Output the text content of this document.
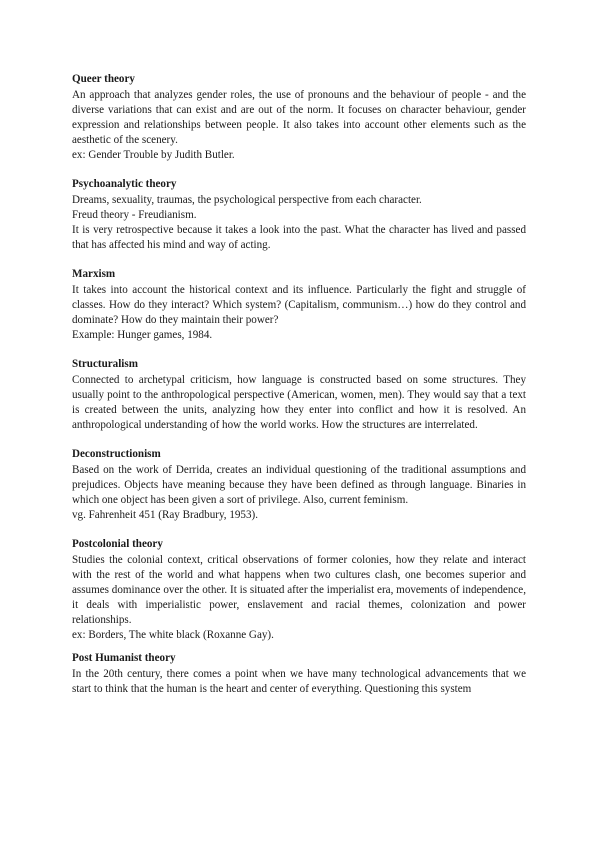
Queer theory

An approach that analyzes gender roles, the use of pronouns and the behaviour of people - and the diverse variations that can exist and are out of the norm. It focuses on character behaviour, gender expression and relationships between people. It also takes into account other elements such as the aesthetic of the scenery.

ex: Gender Trouble by Judith Butler.

Psychoanalytic theory

Dreams, sexuality, traumas, the psychological perspective from each character.

Freud theory - Freudianism.

It is very retrospective because it takes a look into the past. What the character has lived and passed that has affected his mind and way of acting.

Marxism

It takes into account the historical context and its influence. Particularly the fight and struggle of classes. How do they interact? Which system? (Capitalism, communism…) how do they control and dominate? How do they maintain their power?

Example: Hunger games, 1984.

Structuralism

Connected to archetypal criticism, how language is constructed based on some structures. They usually point to the anthropological perspective (American, women, men). They would say that a text is created between the units, analyzing how they enter into conflict and how it is resolved. An anthropological understanding of how the world works. How the structures are interrelated.

Deconstructionism

Based on the work of Derrida, creates an individual questioning of the traditional assumptions and prejudices. Objects have meaning because they have been defined as through language. Binaries in which one object has been given a sort of privilege. Also, current feminism.

vg. Fahrenheit 451 (Ray Bradbury, 1953).

Postcolonial theory

Studies the colonial context, critical observations of former colonies, how they relate and interact with the rest of the world and what happens when two cultures clash, one becomes superior and assumes dominance over the other. It is situated after the imperialist era, movements of independence, it deals with imperialistic power, enslavement and racial themes, colonization and power relationships.

ex: Borders, The white black (Roxanne Gay).

Post Humanist theory

In the 20th century, there comes a point when we have many technological advancements that we start to think that the human is the heart and center of everything. Questioning this system
